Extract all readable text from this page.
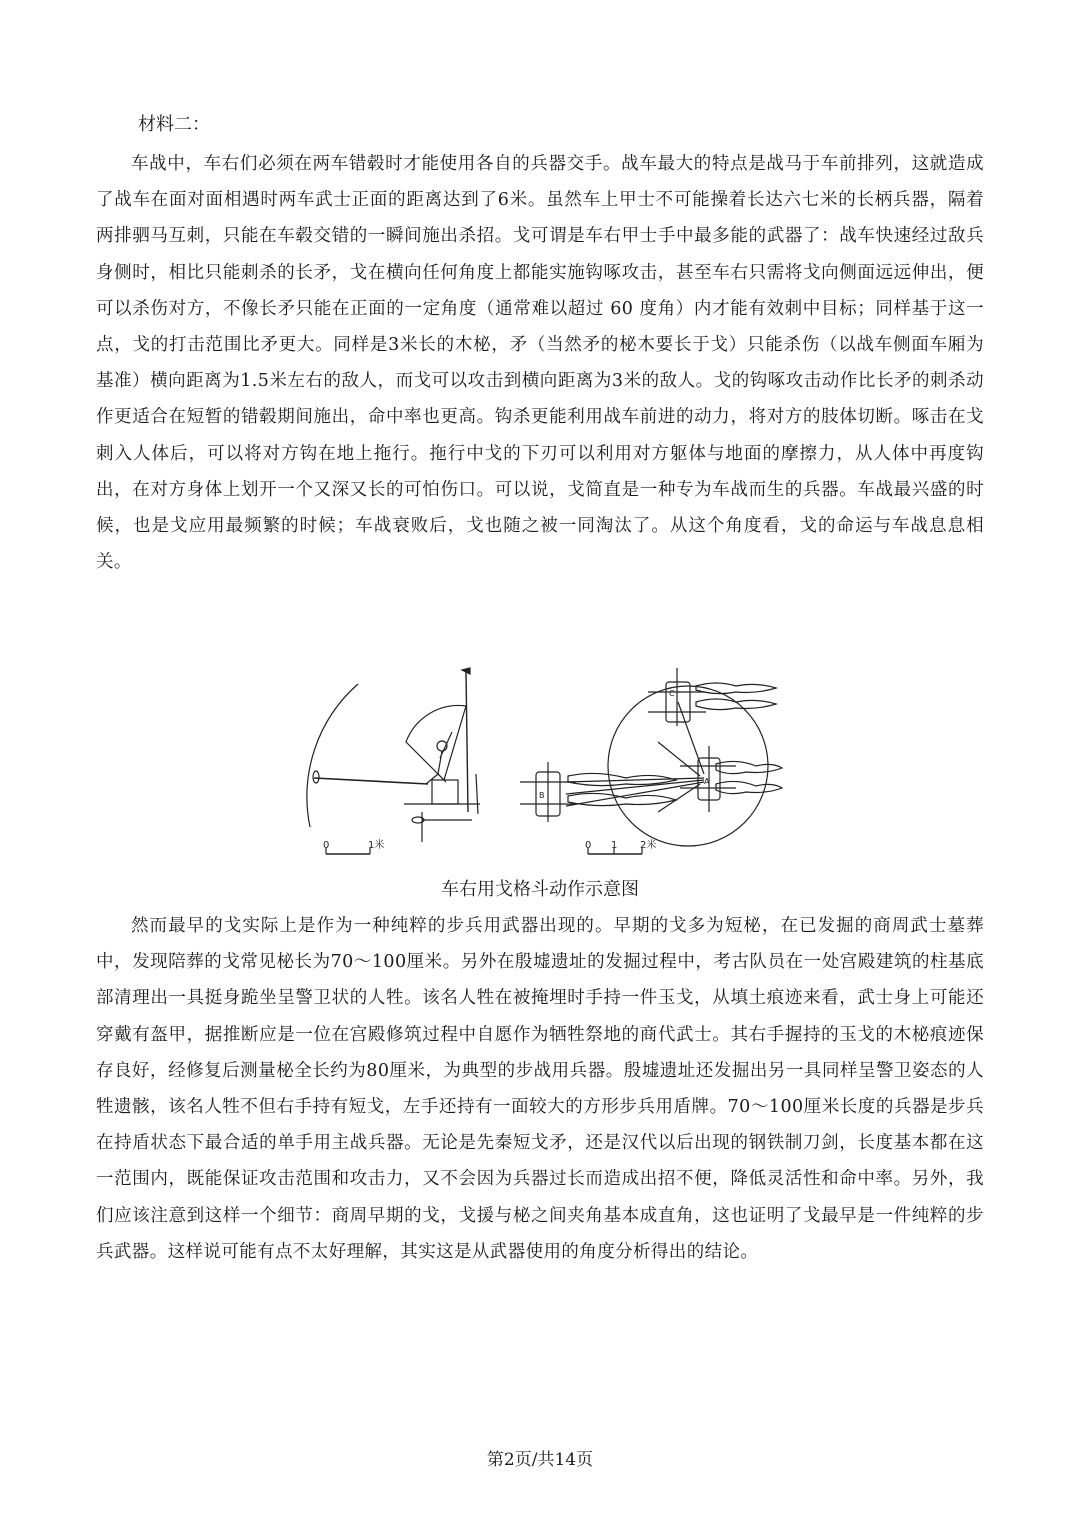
材料二：

车战中，车右们必须在两车错毂时才能使用各自的兵器交手。战车最大的特点是战马于车前排列，这就造成了战车在面对面相遇时两车武士正面的距离达到了6米。虽然车上甲士不可能操着长达六七米的长柄兵器，隔着两排驷马互刺，只能在车毂交错的一瞬间施出杀招。戈可谓是车右甲士手中最多能的武器了：战车快速经过敌兵身侧时，相比只能刺杀的长矛，戈在横向任何角度上都能实施钩啄攻击，甚至车右只需将戈向侧面远远伸出，便可以杀伤对方，不像长矛只能在正面的一定角度（通常难以超过 60 度角）内才能有效刺中目标；同样基于这一点，戈的打击范围比矛更大。同样是3米长的木柲，矛（当然矛的柲木要长于戈）只能杀伤（以战车侧面车厢为基准）横向距离为1.5米左右的敌人，而戈可以攻击到横向距离为3米的敌人。戈的钩啄攻击动作比长矛的刺杀动作更适合在短暂的错毂期间施出，命中率也更高。钩杀更能利用战车前进的动力，将对方的肢体切断。啄击在戈刺入人体后，可以将对方钩在地上拖行。拖行中戈的下刃可以利用对方躯体与地面的摩擦力，从人体中再度钩出，在对方身体上划开一个又深又长的可怕伤口。可以说，戈简直是一种专为车战而生的兵器。车战最兴盛的时候，也是戈应用最频繁的时候；车战衰败后，戈也随之被一同淘汰了。从这个角度看，戈的命运与车战息息相关。

C
A
B
0	1米	0 1 2米
车右用戈格斗动作示意图

然而最早的戈实际上是作为一种纯粹的步兵用武器出现的。早期的戈多为短柲，在已发掘的商周武士墓葬中，发现陪葬的戈常见柲长为70～100厘米。另外在殷墟遗址的发掘过程中，考古队员在一处宫殿建筑的柱基底部清理出一具挺身跪坐呈警卫状的人牲。该名人牲在被掩埋时手持一件玉戈，从填土痕迹来看，武士身上可能还穿戴有盔甲，据推断应是一位在宫殿修筑过程中自愿作为牺牲祭地的商代武士。其右手握持的玉戈的木柲痕迹保存良好，经修复后测量柲全长约为80厘米，为典型的步战用兵器。殷墟遗址还发掘出另一具同样呈警卫姿态的人牲遗骸，该名人牲不但右手持有短戈，左手还持有一面较大的方形步兵用盾牌。70～100厘米长度的兵器是步兵在持盾状态下最合适的单手用主战兵器。无论是先秦短戈矛，还是汉代以后出现的钢铁制刀剑，长度基本都在这一范围内，既能保证攻击范围和攻击力，又不会因为兵器过长而造成出招不便，降低灵活性和命中率。另外，我们应该注意到这样一个细节：商周早期的戈，戈援与柲之间夹角基本成直角，这也证明了戈最早是一件纯粹的步兵武器。这样说可能有点不太好理解，其实这是从武器使用的角度分析得出的结论。

第2页/共14页
